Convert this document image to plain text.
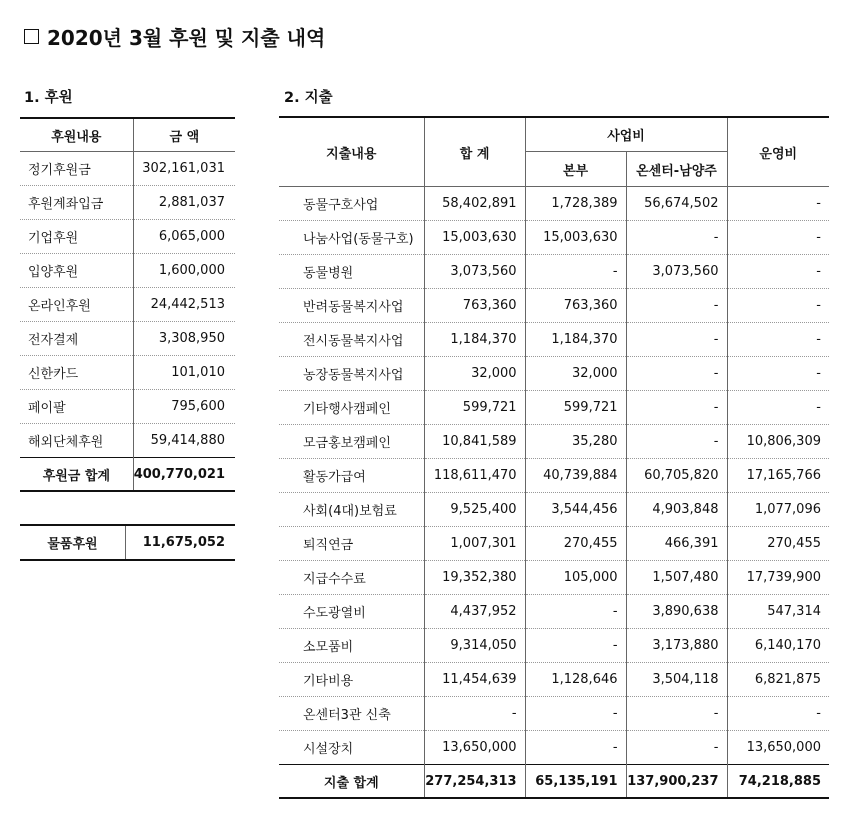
2020년 3월 후원 및 지출 내역
1. 후원	2. 지출
후원내용	금 액
정기후원금	302,161,031
후원계좌입금	2,881,037
기업후원	6,065,000
입양후원	1,600,000
온라인후원	24,442,513
전자결제	3,308,950
신한카드	101,010
페이팔	795,600
해외단체후원	59,414,880
후원금 합계	400,770,021
물품후원	11,675,052
지출내용	합 계	사업비		운영비
		본부	온센터-남양주	
동물구호사업	58,402,891	1,728,389	56,674,502	-
나눔사업(동물구호)	15,003,630	15,003,630	-	-
동물병원	3,073,560	-	3,073,560	-
반려동물복지사업	763,360	763,360	-	-
전시동물복지사업	1,184,370	1,184,370	-	-
농장동물복지사업	32,000	32,000	-	-
기타행사캠페인	599,721	599,721	-	-
모금홍보캠페인	10,841,589	35,280	-	10,806,309
활동가급여	118,611,470	40,739,884	60,705,820	17,165,766
사회(4대)보험료	9,525,400	3,544,456	4,903,848	1,077,096
퇴직연금	1,007,301	270,455	466,391	270,455
지급수수료	19,352,380	105,000	1,507,480	17,739,900
수도광열비	4,437,952	-	3,890,638	547,314
소모품비	9,314,050	-	3,173,880	6,140,170
기타비용	11,454,639	1,128,646	3,504,118	6,821,875
온센터3관 신축	-	-	-	-
시설장치	13,650,000	-	-	13,650,000
지출 합계	277,254,313	65,135,191	137,900,237	74,218,885
